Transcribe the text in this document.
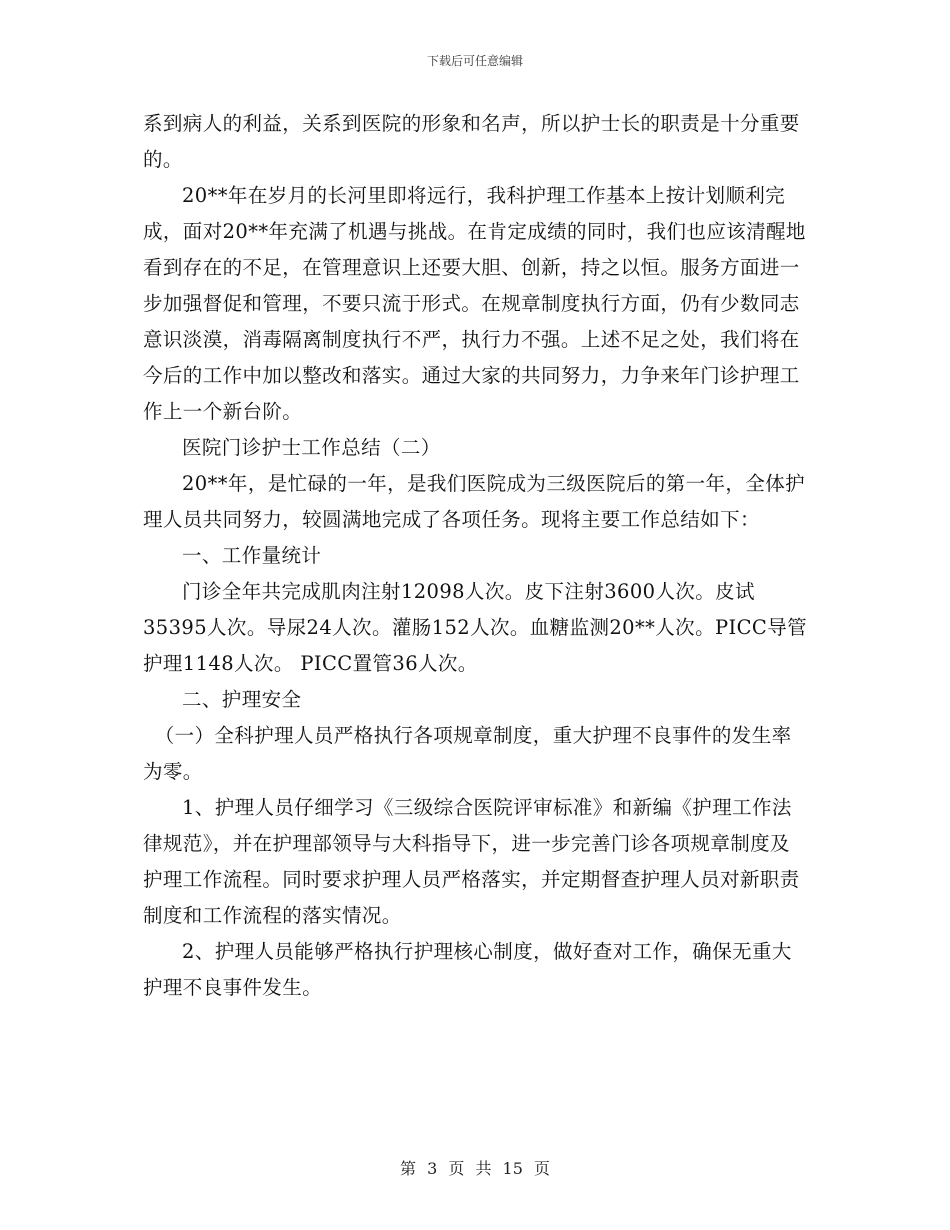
下载后可任意编辑

系到病人的利益，关系到医院的形象和名声，所以护士长的职责是十分重要的。

20**年在岁月的长河里即将远行，我科护理工作基本上按计划顺利完成，面对20**年充满了机遇与挑战。在肯定成绩的同时，我们也应该清醒地看到存在的不足，在管理意识上还要大胆、创新，持之以恒。服务方面进一步加强督促和管理，不要只流于形式。在规章制度执行方面，仍有少数同志意识淡漠，消毒隔离制度执行不严，执行力不强。上述不足之处，我们将在今后的工作中加以整改和落实。通过大家的共同努力，力争来年门诊护理工作上一个新台阶。

医院门诊护士工作总结（二）

20**年，是忙碌的一年，是我们医院成为三级医院后的第一年，全体护理人员共同努力，较圆满地完成了各项任务。现将主要工作总结如下：

一、工作量统计

门诊全年共完成肌肉注射12098人次。皮下注射3600人次。皮试35395人次。导尿24人次。灌肠152人次。血糖监测20**人次。PICC导管护理1148人次。 PICC置管36人次。

二、护理安全

（一）全科护理人员严格执行各项规章制度，重大护理不良事件的发生率为零。

1、护理人员仔细学习《三级综合医院评审标准》和新编《护理工作法律规范》，并在护理部领导与大科指导下，进一步完善门诊各项规章制度及护理工作流程。同时要求护理人员严格落实，并定期督查护理人员对新职责制度和工作流程的落实情况。

2、护理人员能够严格执行护理核心制度，做好查对工作，确保无重大护理不良事件发生。

第 3 页 共 15 页
